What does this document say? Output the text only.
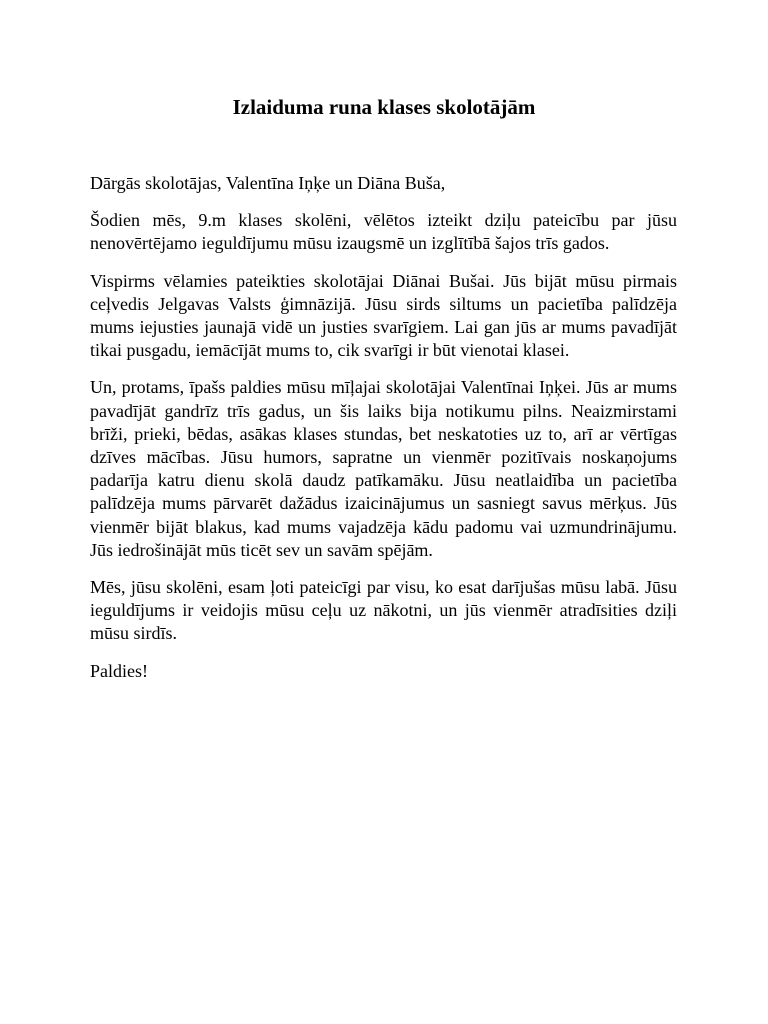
Izlaiduma runa klases skolotājām

Dārgās skolotājas, Valentīna Iņķe un Diāna Buša,

Šodien mēs, 9.m klases skolēni, vēlētos izteikt dziļu pateicību par jūsu nenovērtējamo ieguldījumu mūsu izaugsmē un izglītībā šajos trīs gados.

Vispirms vēlamies pateikties skolotājai Diānai Bušai. Jūs bijāt mūsu pirmais ceļvedis Jelgavas Valsts ģimnāzijā. Jūsu sirds siltums un pacietība palīdzēja mums iejusties jaunajā vidē un justies svarīgiem. Lai gan jūs ar mums pavadījāt tikai pusgadu, iemācījāt mums to, cik svarīgi ir būt vienotai klasei.

Un, protams, īpašs paldies mūsu mīļajai skolotājai Valentīnai Iņķei. Jūs ar mums pavadījāt gandrīz trīs gadus, un šis laiks bija notikumu pilns. Neaizmirstami brīži, prieki, bēdas, asākas klases stundas, bet neskatoties uz to, arī ar vērtīgas dzīves mācības. Jūsu humors, sapratne un vienmēr pozitīvais noskaņojums padarīja katru dienu skolā daudz patīkamāku. Jūsu neatlaidība un pacietība palīdzēja mums pārvarēt dažādus izaicinājumus un sasniegt savus mērķus. Jūs vienmēr bijāt blakus, kad mums vajadzēja kādu padomu vai uzmundrinājumu. Jūs iedrošinājāt mūs ticēt sev un savām spējām.

Mēs, jūsu skolēni, esam ļoti pateicīgi par visu, ko esat darījušas mūsu labā. Jūsu ieguldījums ir veidojis mūsu ceļu uz nākotni, un jūs vienmēr atradīsities dziļi mūsu sirdīs.

Paldies!
